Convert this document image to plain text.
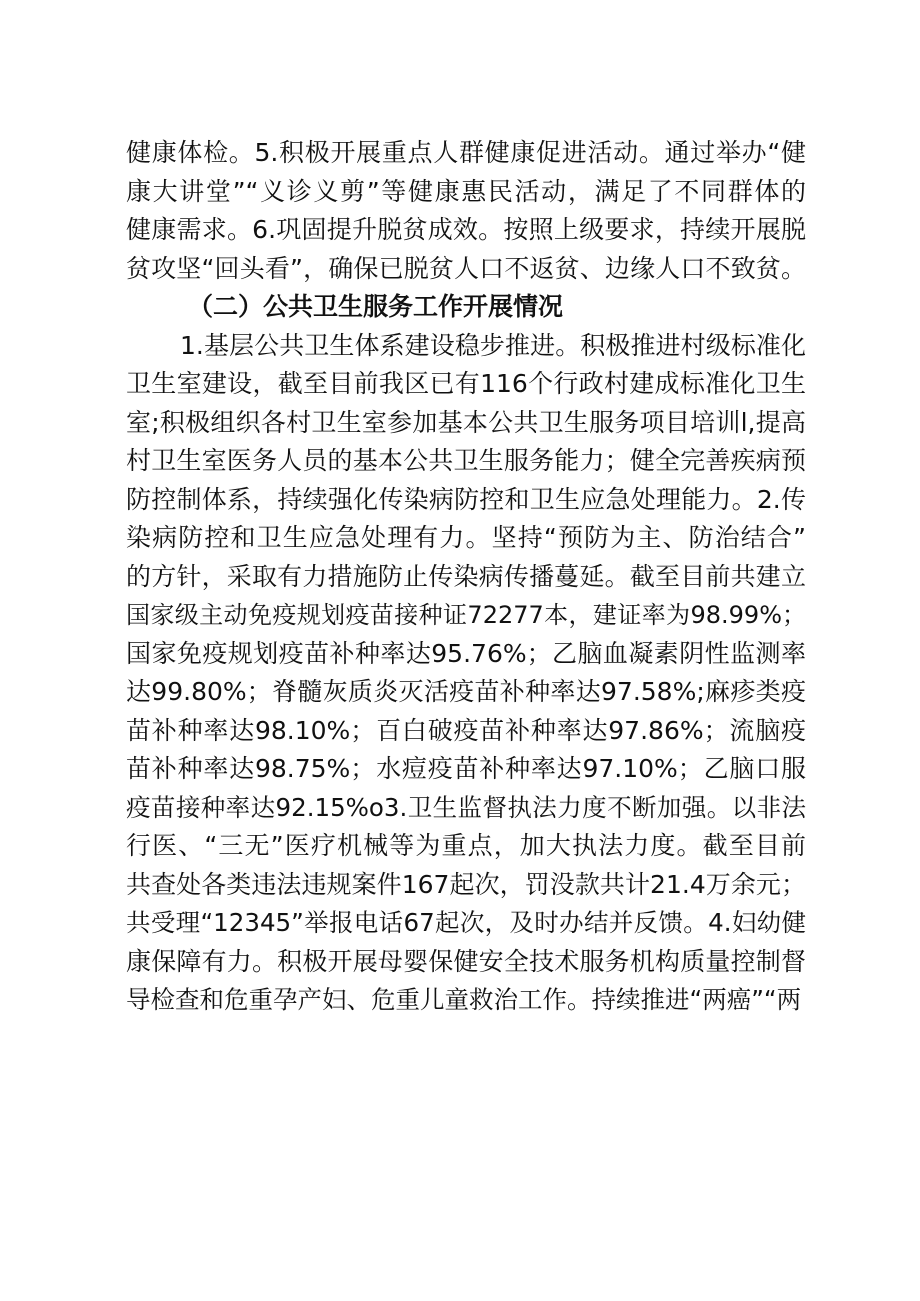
健康体检。5.积极开展重点人群健康促进活动。通过举办“健
康大讲堂”“义诊义剪”等健康惠民活动，满足了不同群体的
健康需求。6.巩固提升脱贫成效。按照上级要求，持续开展脱
贫攻坚“回头看”，确保已脱贫人口不返贫、边缘人口不致贫。
（二）公共卫生服务工作开展情况
1.基层公共卫生体系建设稳步推进。积极推进村级标准化
卫生室建设，截至目前我区已有116个行政村建成标准化卫生
室;积极组织各村卫生室参加基本公共卫生服务项目培训l,提高
村卫生室医务人员的基本公共卫生服务能力；健全完善疾病预
防控制体系，持续强化传染病防控和卫生应急处理能力。2.传
染病防控和卫生应急处理有力。坚持“预防为主、防治结合”
的方针，采取有力措施防止传染病传播蔓延。截至目前共建立
国家级主动免疫规划疫苗接种证72277本，建证率为98.99%；
国家免疫规划疫苗补种率达95.76%；乙脑血凝素阴性监测率
达99.80%；脊髓灰质炎灭活疫苗补种率达97.58%;麻疹类疫
苗补种率达98.10%；百白破疫苗补种率达97.86%；流脑疫
苗补种率达98.75%；水痘疫苗补种率达97.10%；乙脑口服
疫苗接种率达92.15%o3.卫生监督执法力度不断加强。以非法
行医、“三无”医疗机械等为重点，加大执法力度。截至目前
共查处各类违法违规案件167起次，罚没款共计21.4万余元；
共受理“12345”举报电话67起次，及时办结并反馈。4.妇幼健
康保障有力。积极开展母婴保健安全技术服务机构质量控制督
导检查和危重孕产妇、危重儿童救治工作。持续推进“两癌”“两
